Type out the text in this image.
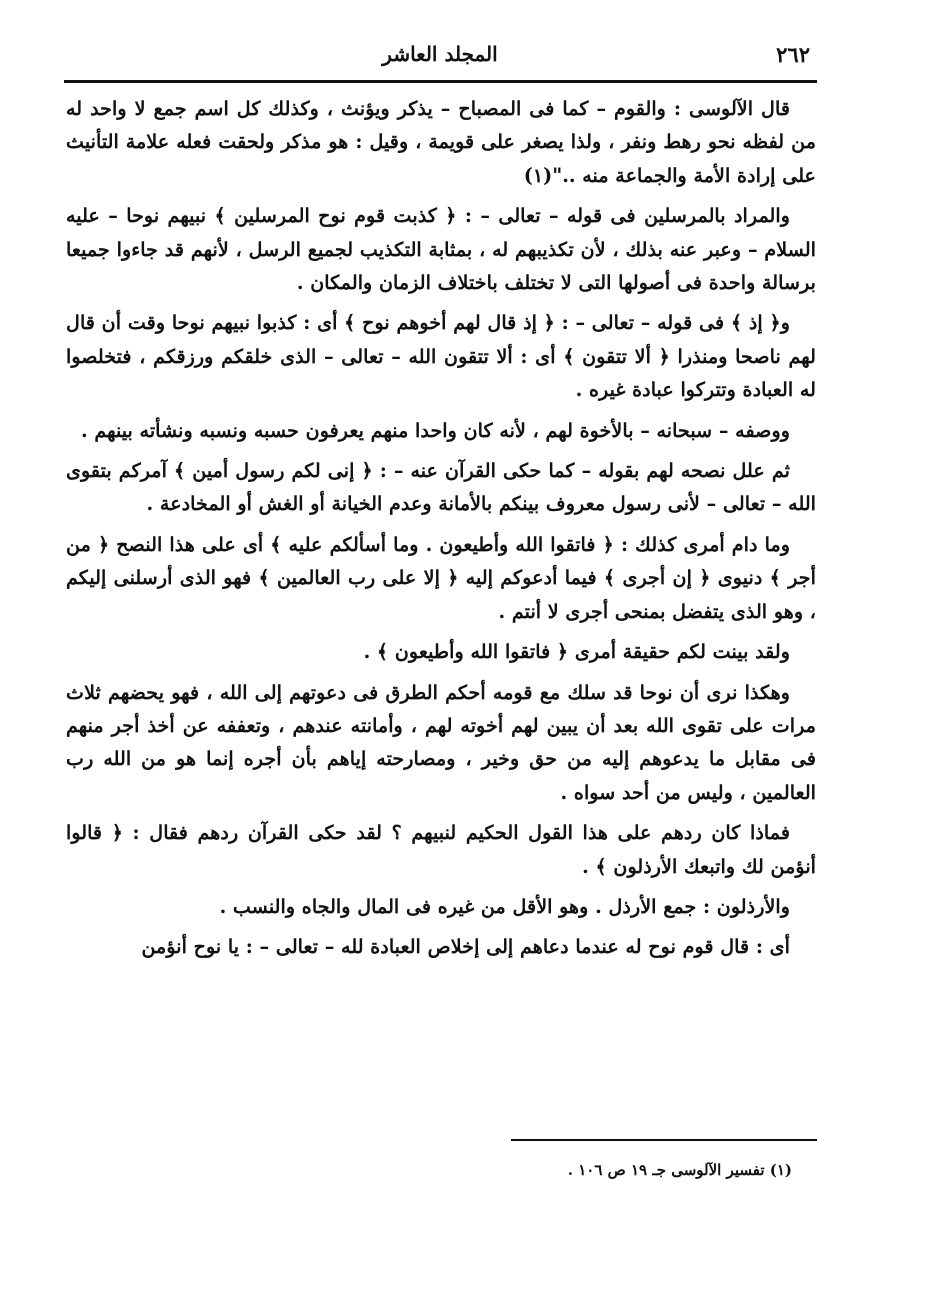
٢٦٢
المجلد العاشر

قال الآلوسى : والقوم – كما فى المصباح – يذكر ويؤنث ، وكذلك كل اسم جمع لا واحد له من لفظه نحو رهط ونفر ، ولذا يصغر على قويمة ، وقيل : هو مذكر ولحقت فعله علامة التأنيث على إرادة الأمة والجماعة منه .."(١)

والمراد بالمرسلين فى قوله – تعالى – : ﴿ كذبت قوم نوح المرسلين ﴾ نبيهم نوحا – عليه السلام – وعبر عنه بذلك ، لأن تكذيبهم له ، بمثابة التكذيب لجميع الرسل ، لأنهم قد جاءوا جميعا برسالة واحدة فى أصولها التى لا تختلف باختلاف الزمان والمكان .

و﴿ إذ ﴾ فى قوله – تعالى – : ﴿ إذ قال لهم أخوهم نوح ﴾ أى : كذبوا نبيهم نوحا وقت أن قال لهم ناصحا ومنذرا ﴿ ألا تتقون ﴾ أى : ألا تتقون الله – تعالى – الذى خلقكم ورزقكم ، فتخلصوا له العبادة وتتركوا عبادة غيره .

ووصفه – سبحانه – بالأخوة لهم ، لأنه كان واحدا منهم يعرفون حسبه ونسبه ونشأته بينهم .

ثم علل نصحه لهم بقوله – كما حكى القرآن عنه – : ﴿ إنى لكم رسول أمين ﴾ آمركم بتقوى الله – تعالى – لأنى رسول معروف بينكم بالأمانة وعدم الخيانة أو الغش أو المخادعة .

وما دام أمرى كذلك : ﴿ فاتقوا الله وأطيعون . وما أسألكم عليه ﴾ أى على هذا النصح ﴿ من أجر ﴾ دنيوى ﴿ إن أجرى ﴾ فيما أدعوكم إليه ﴿ إلا على رب العالمين ﴾ فهو الذى أرسلنى إليكم ، وهو الذى يتفضل بمنحى أجرى لا أنتم .

ولقد بينت لكم حقيقة أمرى ﴿ فاتقوا الله وأطيعون ﴾ .

وهكذا نرى أن نوحا قد سلك مع قومه أحكم الطرق فى دعوتهم إلى الله ، فهو يحضهم ثلاث مرات على تقوى الله بعد أن يبين لهم أخوته لهم ، وأمانته عندهم ، وتعففه عن أخذ أجر منهم فى مقابل ما يدعوهم إليه من حق وخير ، ومصارحته إياهم بأن أجره إنما هو من الله رب العالمين ، وليس من أحد سواه .

فماذا كان ردهم على هذا القول الحكيم لنبيهم ؟ لقد حكى القرآن ردهم فقال : ﴿ قالوا أنؤمن لك واتبعك الأرذلون ﴾ .

والأرذلون : جمع الأرذل . وهو الأقل من غيره فى المال والجاه والنسب .

أى : قال قوم نوح له عندما دعاهم إلى إخلاص العبادة لله – تعالى – : يا نوح أنؤمن

(١) تفسير الآلوسى جـ ١٩ ص ١٠٦ .
